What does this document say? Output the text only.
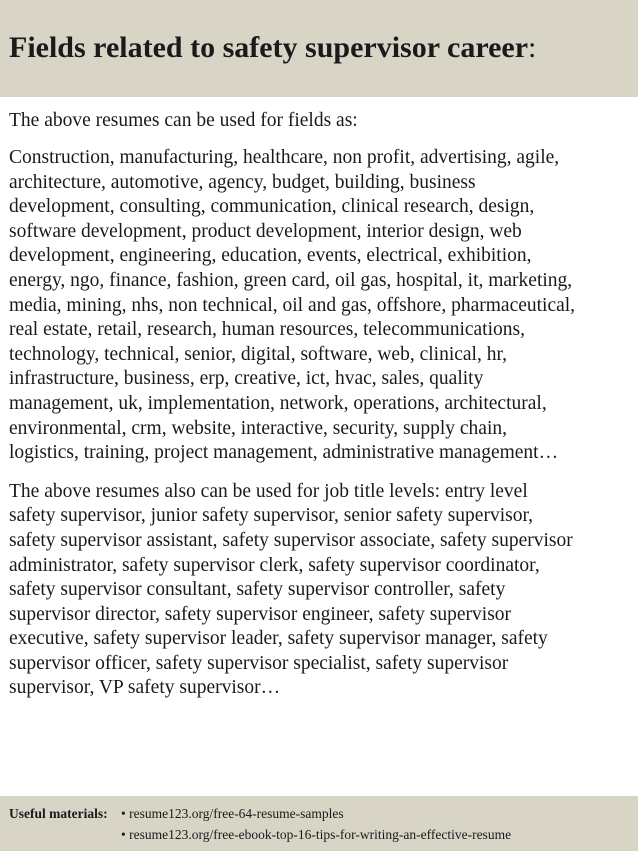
Fields related to safety supervisor career:

The above resumes can be used for fields as:

Construction, manufacturing, healthcare, non profit, advertising, agile,
architecture, automotive, agency, budget, building, business
development, consulting, communication, clinical research, design,
software development, product development, interior design, web
development, engineering, education, events, electrical, exhibition,
energy, ngo, finance, fashion, green card, oil gas, hospital, it, marketing,
media, mining, nhs, non technical, oil and gas, offshore, pharmaceutical,
real estate, retail, research, human resources, telecommunications,
technology, technical, senior, digital, software, web, clinical, hr,
infrastructure, business, erp, creative, ict, hvac, sales, quality
management, uk, implementation, network, operations, architectural,
environmental, crm, website, interactive, security, supply chain,
logistics, training, project management, administrative management…

The above resumes also can be used for job title levels: entry level
safety supervisor, junior safety supervisor, senior safety supervisor,
safety supervisor assistant, safety supervisor associate, safety supervisor
administrator, safety supervisor clerk, safety supervisor coordinator,
safety supervisor consultant, safety supervisor controller, safety
supervisor director, safety supervisor engineer, safety supervisor
executive, safety supervisor leader, safety supervisor manager, safety
supervisor officer, safety supervisor specialist, safety supervisor
supervisor, VP safety supervisor…

Useful materials: • resume123.org/free-64-resume-samples
• resume123.org/free-ebook-top-16-tips-for-writing-an-effective-resume
